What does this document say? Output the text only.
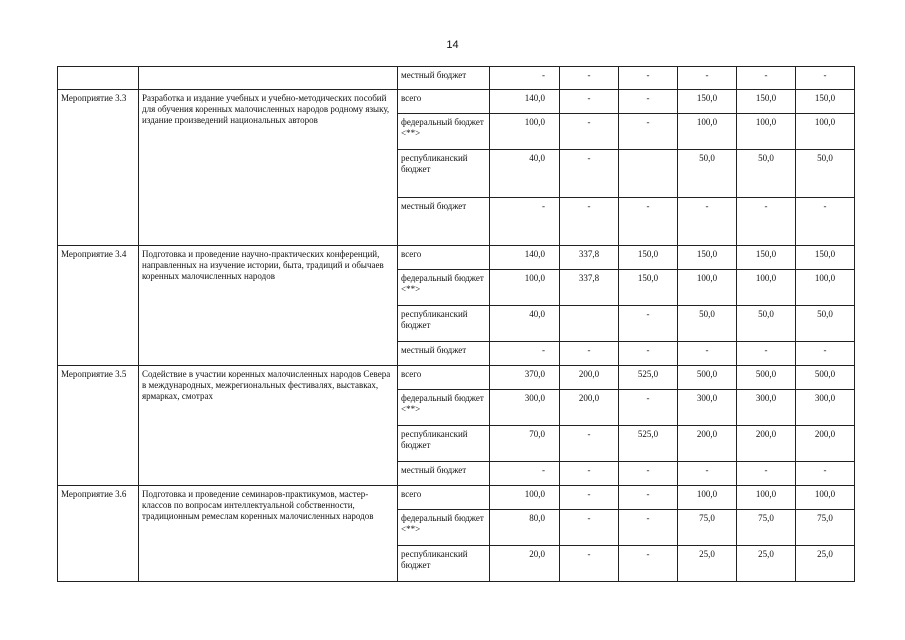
14
		местный бюджет	-	-	-	-	-	-
Мероприятие 3.3	Разработка и издание учебных и учебно-методических пособий для обучения коренных малочисленных народов родному языку, издание произведений национальных авторов	всего	140,0	-	-	150,0	150,0	150,0
		федеральный бюджет <**>	100,0	-	-	100,0	100,0	100,0
		республиканский бюджет	40,0	-		50,0	50,0	50,0
		местный бюджет	-	-	-	-	-	-
Мероприятие 3.4	Подготовка и проведение научно-практических конференций, направленных на изучение истории, быта, традиций и обычаев коренных малочисленных народов	всего	140,0	337,8	150,0	150,0	150,0	150,0
		федеральный бюджет <**>	100,0	337,8	150,0	100,0	100,0	100,0
		республиканский бюджет	40,0		-	50,0	50,0	50,0
		местный бюджет	-	-	-	-	-	-
Мероприятие 3.5	Содействие в участии коренных малочисленных народов Севера в международных, межрегиональных фестивалях, выставках, ярмарках, смотрах	всего	370,0	200,0	525,0	500,0	500,0	500,0
		федеральный бюджет <**>	300,0	200,0	-	300,0	300,0	300,0
		республиканский бюджет	70,0	-	525,0	200,0	200,0	200,0
		местный бюджет	-	-	-	-	-	-
Мероприятие 3.6	Подготовка и проведение семинаров-практикумов, мастер-классов по вопросам интеллектуальной собственности, традиционным ремеслам коренных малочисленных народов	всего	100,0	-	-	100,0	100,0	100,0
		федеральный бюджет <**>	80,0	-	-	75,0	75,0	75,0
		республиканский бюджет	20,0	-	-	25,0	25,0	25,0
